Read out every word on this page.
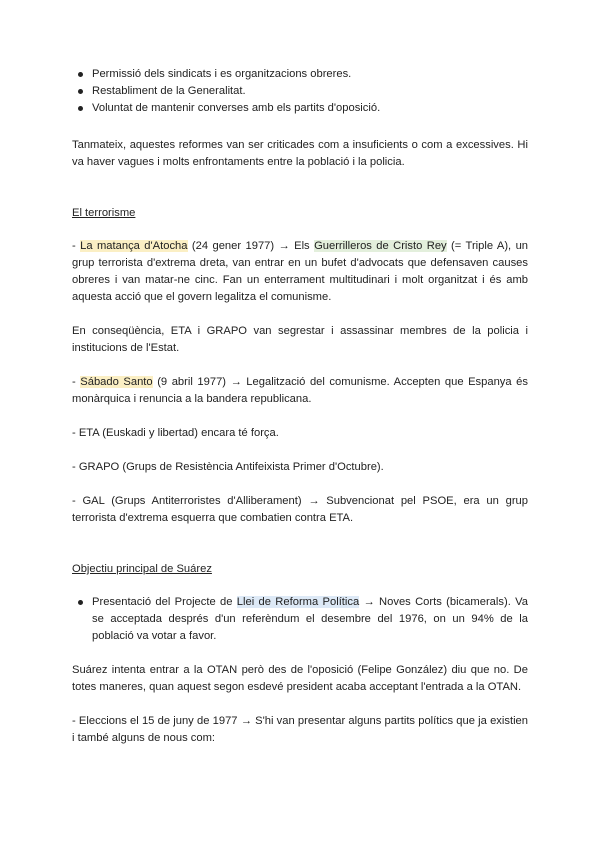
Permissió dels sindicats i es organitzacions obreres.
Restabliment de la Generalitat.
Voluntat de mantenir converses amb els partits d'oposició.

Tanmateix, aquestes reformes van ser criticades com a insuficients o com a excessives. Hi va haver vagues i molts enfrontaments entre la població i la policia.

El terrorisme

- La matança d'Atocha (24 gener 1977) → Els Guerrilleros de Cristo Rey (= Triple A), un grup terrorista d'extrema dreta, van entrar en un bufet d'advocats que defensaven causes obreres i van matar-ne cinc. Fan un enterrament multitudinari i molt organitzat i és amb aquesta acció que el govern legalitza el comunisme.

En conseqüència, ETA i GRAPO van segrestar i assassinar membres de la policia i institucions de l'Estat.

- Sábado Santo (9 abril 1977) → Legalització del comunisme. Accepten que Espanya és monàrquica i renuncia a la bandera republicana.

- ETA (Euskadi y libertad) encara té força.

- GRAPO (Grups de Resistència Antifeixista Primer d'Octubre).

- GAL (Grups Antiterroristes d'Alliberament) → Subvencionat pel PSOE, era un grup terrorista d'extrema esquerra que combatien contra ETA.

Objectiu principal de Suárez

Presentació del Projecte de Llei de Reforma Política → Noves Corts (bicamerals). Va se acceptada després d'un referèndum el desembre del 1976, on un 94% de la població va votar a favor.

Suárez intenta entrar a la OTAN però des de l'oposició (Felipe González) diu que no. De totes maneres, quan aquest segon esdevé president acaba acceptant l'entrada a la OTAN.

- Eleccions el 15 de juny de 1977 → S'hi van presentar alguns partits polítics que ja existien i també alguns de nous com:
